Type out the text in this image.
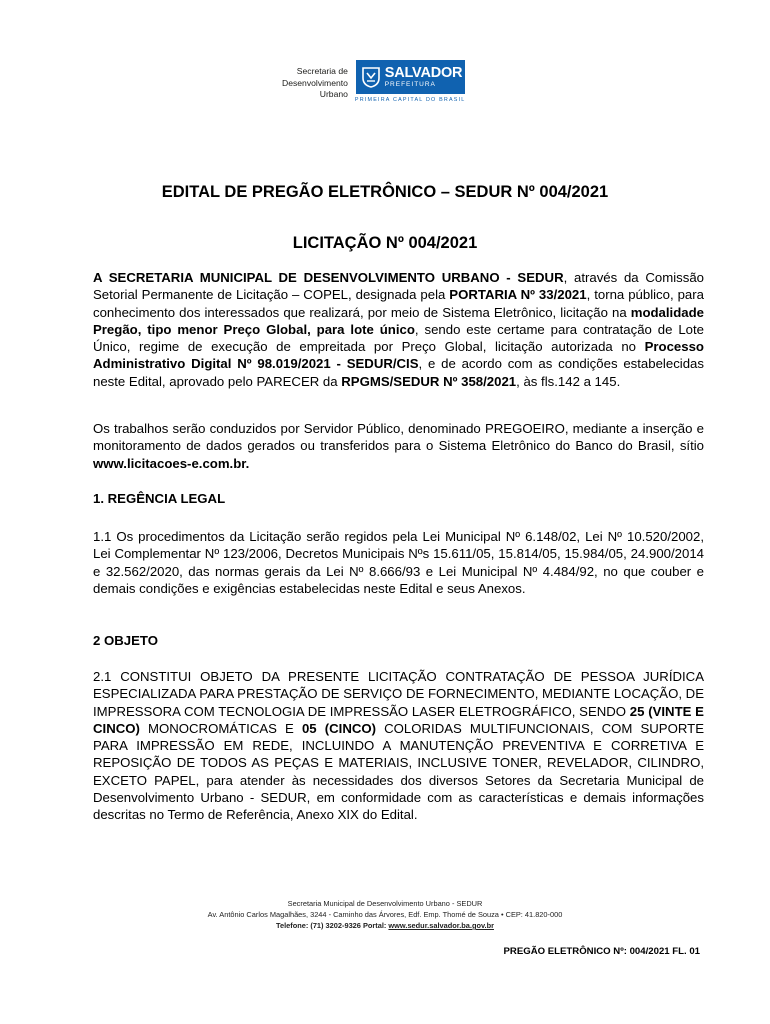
Secretaria de
Desenvolvimento
Urbano
SALVADOR
PREFEITURA
PRIMEIRA CAPITAL DO BRASIL
EDITAL DE PREGÃO ELETRÔNICO – SEDUR Nº 004/2021
LICITAÇÃO Nº 004/2021
A SECRETARIA MUNICIPAL DE DESENVOLVIMENTO URBANO - SEDUR, através da Comissão Setorial Permanente de Licitação – COPEL, designada pela PORTARIA Nº 33/2021, torna público, para conhecimento dos interessados que realizará, por meio de Sistema Eletrônico, licitação na modalidade Pregão, tipo menor Preço Global, para lote único, sendo este certame para contratação de Lote Único, regime de execução de empreitada por Preço Global, licitação autorizada no Processo Administrativo Digital Nº 98.019/2021 - SEDUR/CIS, e de acordo com as condições estabelecidas neste Edital, aprovado pelo PARECER da RPGMS/SEDUR Nº 358/2021, às fls.142 a 145.
Os trabalhos serão conduzidos por Servidor Público, denominado PREGOEIRO, mediante a inserção e monitoramento de dados gerados ou transferidos para o Sistema Eletrônico do Banco do Brasil, sítio www.licitacoes-e.com.br.
1. REGÊNCIA LEGAL
1.1 Os procedimentos da Licitação serão regidos pela Lei Municipal Nº 6.148/02, Lei Nº 10.520/2002, Lei Complementar Nº 123/2006, Decretos Municipais Nºs 15.611/05, 15.814/05, 15.984/05, 24.900/2014 e 32.562/2020, das normas gerais da Lei Nº 8.666/93 e Lei Municipal Nº 4.484/92, no que couber e demais condições e exigências estabelecidas neste Edital e seus Anexos.
2 OBJETO
2.1 CONSTITUI OBJETO DA PRESENTE LICITAÇÃO CONTRATAÇÃO DE PESSOA JURÍDICA ESPECIALIZADA PARA PRESTAÇÃO DE SERVIÇO DE FORNECIMENTO, MEDIANTE LOCAÇÃO, DE IMPRESSORA COM TECNOLOGIA DE IMPRESSÃO LASER ELETROGRÁFICO, SENDO 25 (VINTE E CINCO) MONOCROMÁTICAS E 05 (CINCO) COLORIDAS MULTIFUNCIONAIS, COM SUPORTE PARA IMPRESSÃO EM REDE, INCLUINDO A MANUTENÇÃO PREVENTIVA E CORRETIVA E REPOSIÇÃO DE TODOS AS PEÇAS E MATERIAIS, INCLUSIVE TONER, REVELADOR, CILINDRO, EXCETO PAPEL, para atender às necessidades dos diversos Setores da Secretaria Municipal de Desenvolvimento Urbano - SEDUR, em conformidade com as características e demais informações descritas no Termo de Referência, Anexo XIX do Edital.
Secretaria Municipal de Desenvolvimento Urbano - SEDUR
Av. Antônio Carlos Magalhães, 3244 - Caminho das Árvores, Edf. Emp. Thomé de Souza • CEP: 41.820-000
Telefone: (71) 3202-9326 Portal: www.sedur.salvador.ba.gov.br
PREGÃO ELETRÔNICO Nº: 004/2021 FL. 01
